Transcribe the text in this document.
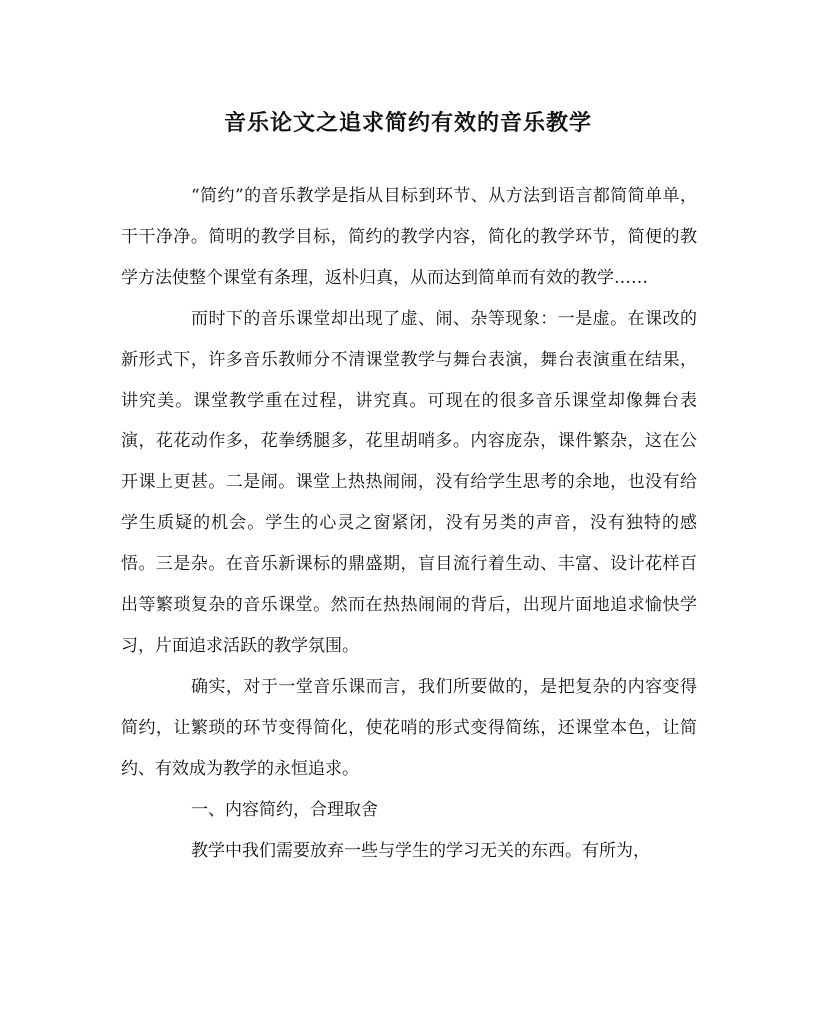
音乐论文之追求简约有效的音乐教学

“简约”的音乐教学是指从目标到环节、从方法到语言都简简单单，干干净净。简明的教学目标，简约的教学内容，简化的教学环节，简便的教学方法使整个课堂有条理，返朴归真，从而达到简单而有效的教学……

而时下的音乐课堂却出现了虚、闹、杂等现象：一是虚。在课改的新形式下，许多音乐教师分不清课堂教学与舞台表演，舞台表演重在结果，讲究美。课堂教学重在过程，讲究真。可现在的很多音乐课堂却像舞台表演，花花动作多，花拳绣腿多，花里胡哨多。内容庞杂，课件繁杂，这在公开课上更甚。二是闹。课堂上热热闹闹，没有给学生思考的余地，也没有给学生质疑的机会。学生的心灵之窗紧闭，没有另类的声音，没有独特的感悟。三是杂。在音乐新课标的鼎盛期，盲目流行着生动、丰富、设计花样百出等繁琐复杂的音乐课堂。然而在热热闹闹的背后，出现片面地追求愉快学习，片面追求活跃的教学氛围。

确实，对于一堂音乐课而言，我们所要做的，是把复杂的内容变得简约，让繁琐的环节变得简化，使花哨的形式变得简练，还课堂本色，让简约、有效成为教学的永恒追求。

一、内容简约，合理取舍

教学中我们需要放弃一些与学生的学习无关的东西。有所为，
